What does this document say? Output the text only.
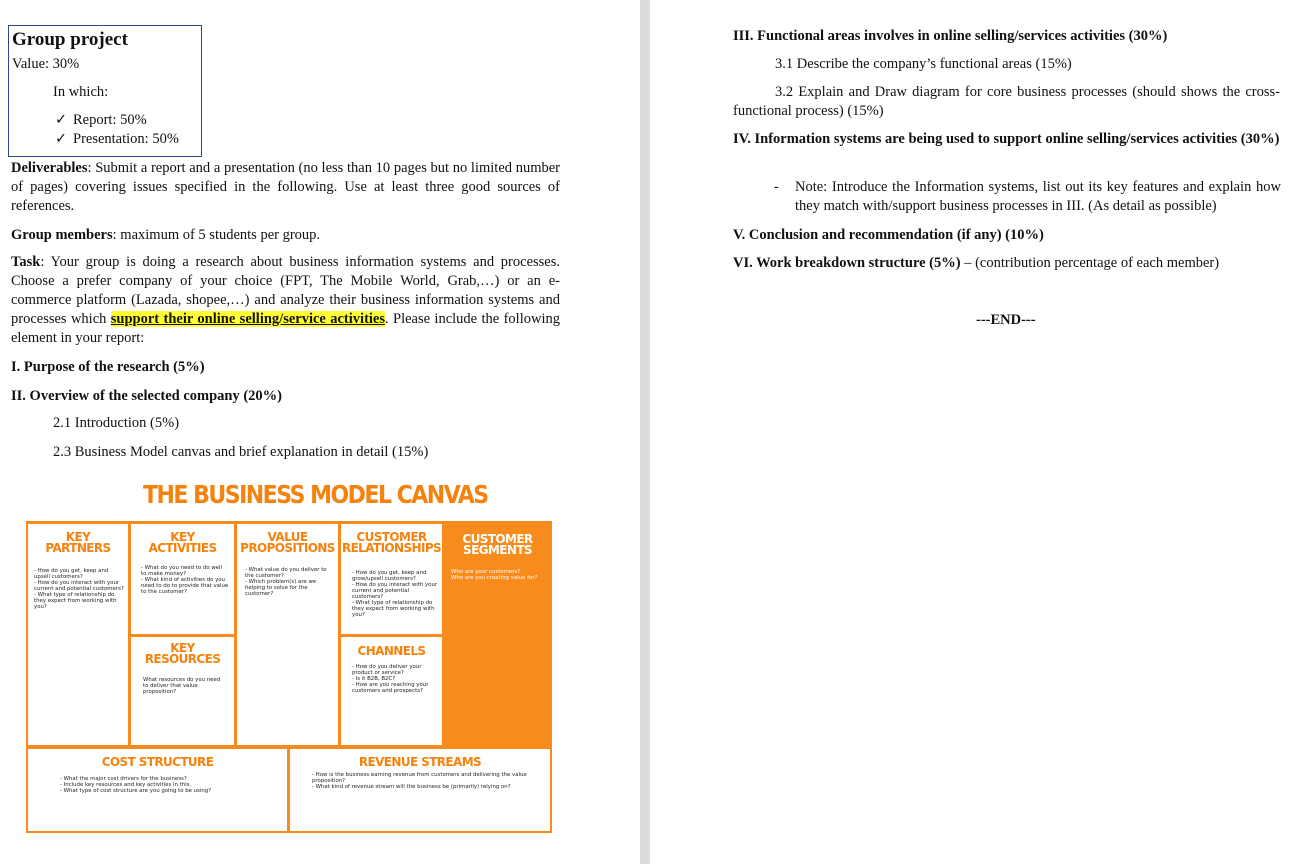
Group project
Value: 30%
In which:
✓ Report: 50%
✓ Presentation: 50%
Deliverables: Submit a report and a presentation (no less than 10 pages but no limited number of pages) covering issues specified in the following. Use at least three good sources of references.
Group members: maximum of 5 students per group.
Task: Your group is doing a research about business information systems and processes. Choose a prefer company of your choice (FPT, The Mobile World, Grab,…) or an e-commerce platform (Lazada, shopee,…) and analyze their business information systems and processes which support their online selling/service activities. Please include the following element in your report:
I. Purpose of the research (5%)
II. Overview of the selected company (20%)
2.1 Introduction (5%)
2.3 Business Model canvas and brief explanation in detail (15%)
THE BUSINESS MODEL CANVAS
KEY
PARTNERS
- How do you get, keep and upsell customers?
- How do you interact with your current and potential customers?
- What type of relationship do they expect from working with you?
KEY
ACTIVITIES
- What do you need to do well to make money?
- What kind of activities do you need to do to provide that value to the customer?
KEY
RESOURCES
What resources do you need to deliver that value proposition?
VALUE
PROPOSITIONS
- What value do you deliver to the customer?
- Which problem(s) are we helping to solve for the customer?
CUSTOMER
RELATIONSHIPS
- How do you get, keep and grow/upsell customers?
- How do you interact with your current and potential customers?
- What type of relationship do they expect from working with you?
CHANNELS
- How do you deliver your product or service?
- Is it B2B, B2C?
- How are you reaching your customers and prospects?
CUSTOMER
SEGMENTS
Who are your customers?
Who are you creating value for?
COST STRUCTURE
- What the major cost drivers for the business?
- Include key resources and key activities in this.
- What type of cost structure are you going to be using?
REVENUE STREAMS
- How is the business earning revenue from customers and delivering the value proposition?
- What kind of revenue stream will the business be (primarily) relying on?
III. Functional areas involves in online selling/services activities (30%)
3.1 Describe the company’s functional areas (15%)
3.2 Explain and Draw diagram for core business processes (should shows the cross-functional process) (15%)
IV. Information systems are being used to support online selling/services activities (30%)
- Note: Introduce the Information systems, list out its key features and explain how they match with/support business processes in III. (As detail as possible)
V. Conclusion and recommendation (if any) (10%)
VI. Work breakdown structure (5%) – (contribution percentage of each member)
---END---
